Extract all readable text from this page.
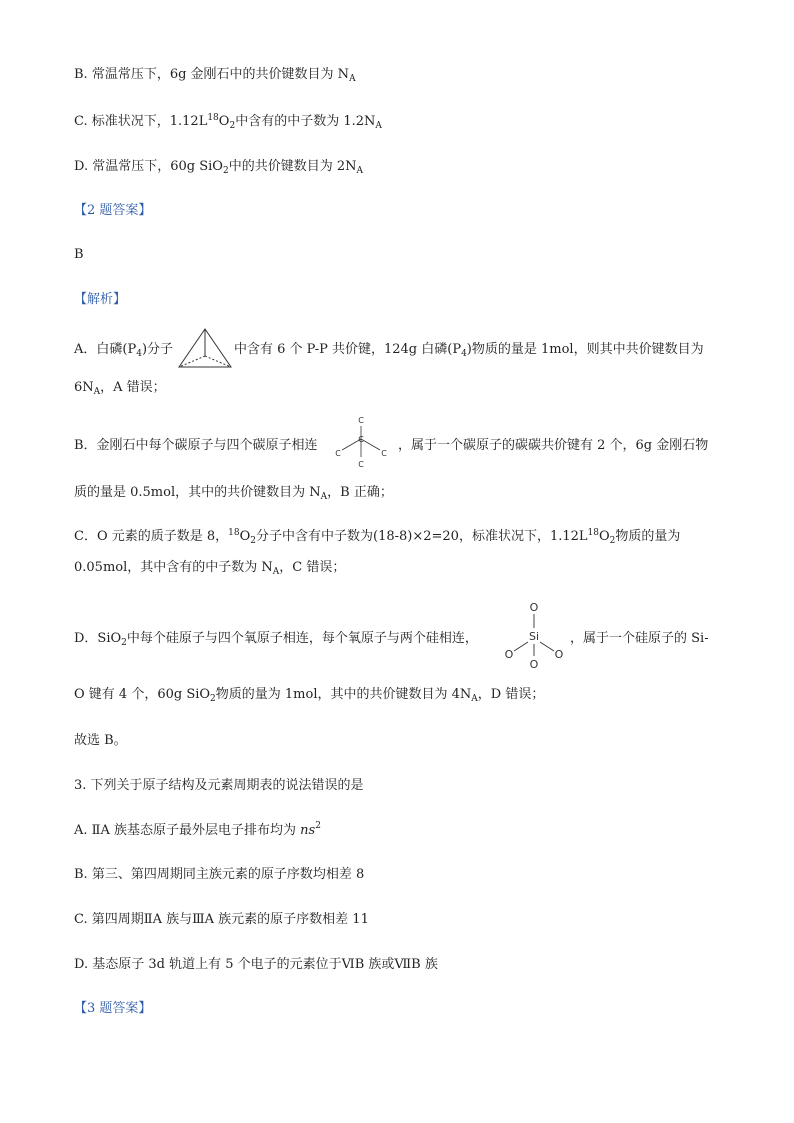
B. 常温常压下，6g 金刚石中的共价键数目为 $N_A$
C. 标准状况下，$1.12L^{18}O_2$中含有的中子数为 $1.2N_A$
D. 常温常压下，60g SiO$_2$中的共价键数目为 $2N_A$
【2 题答案】
B
【解析】
A．白磷$(P_4)$分子	中含有 6 个 P-P 共价键，124g 白磷$(P_4)$物质的量是 1mol，则其中共价键数目为
$6N_A$，A 错误；
B．金刚石中每个碳原子与四个碳原子相连
C
C	C
C
C	，属于一个碳原子的碳碳共价键有 2 个，6g 金刚石物
质的量是 0.5mol，其中的共价键数目为 $N_A$，B 正确；
C．O 元素的质子数是 8，$^{18}O_2$分子中含有中子数为(18-8)×2=20，标准状况下，$1.12L^{18}O_2$物质的量为
0.05mol，其中含有的中子数为 $N_A$，C 错误；
D．SiO$_2$中每个硅原子与四个氧原子相连，每个氧原子与两个硅相连，
O
Si
O	O
O
，属于一个硅原子的 Si-
O 键有 4 个，60g SiO$_2$物质的量为 1mol，其中的共价键数目为 $4N_A$，D 错误；
故选 B。
3. 下列关于原子结构及元素周期表的说法错误的是
A. ⅡA 族基态原子最外层电子排布均为 $ns^2$
B. 第三、第四周期同主族元素的原子序数均相差 8
C. 第四周期ⅡA 族与ⅢA 族元素的原子序数相差 11
D. 基态原子 3d 轨道上有 5 个电子的元素位于ⅥB 族或ⅦB 族
【3 题答案】
